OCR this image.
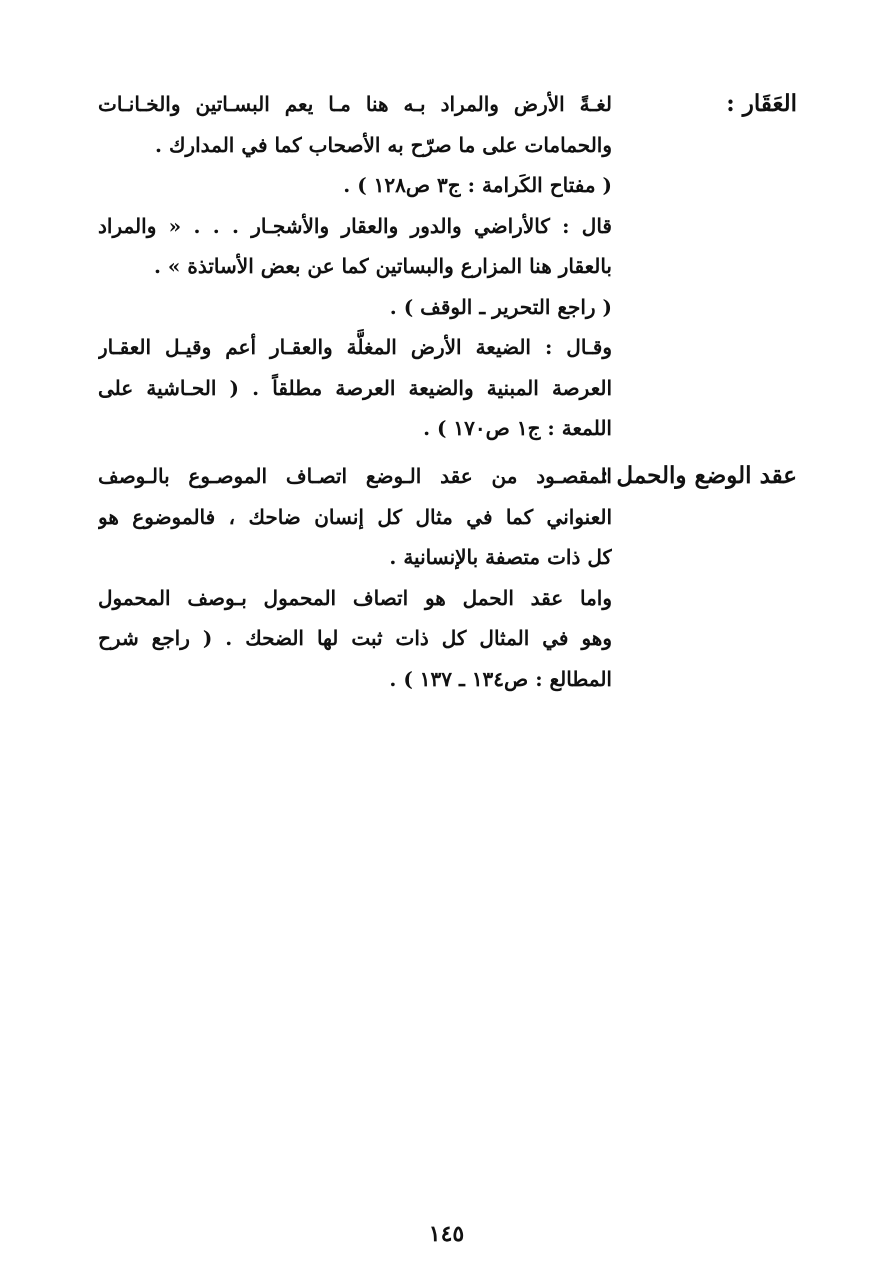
العَقَار :
لغـةً الأرض والمراد بـه هنا مـا يعم البسـاتين والخـانـات
والحمامات على ما صرّح به الأصحاب كما في المدارك .
( مفتاح الكَرامة : ج٣ ص١٢٨ ) .
قال : كالأراضي والدور والعقار والأشجـار . . . « والمراد
بالعقار هنا المزارع والبساتين كما عن بعض الأساتذة » .
( راجع التحرير ـ الوقف ) .
وقـال : الضيعة الأرض المغلَّة والعقـار أعم وقيـل العقـار
العرصة المبنية والضيعة العرصة مطلقاً . ( الحـاشية على
اللمعة : ج١ ص١٧٠ ) .
عقد الوضع والحمل :
المقصـود من عقد الـوضع اتصـاف الموصـوع بالـوصف
العنواني كما في مثال كل إنسان ضاحك ، فالموضوع هو
كل ذات متصفة بالإنسانية .
واما عقد الحمل هو اتصاف المحمول بـوصف المحمول
وهو في المثال كل ذات ثبت لها الضحك . ( راجع شرح
المطالع : ص١٣٤ ـ ١٣٧ ) .
١٤٥
